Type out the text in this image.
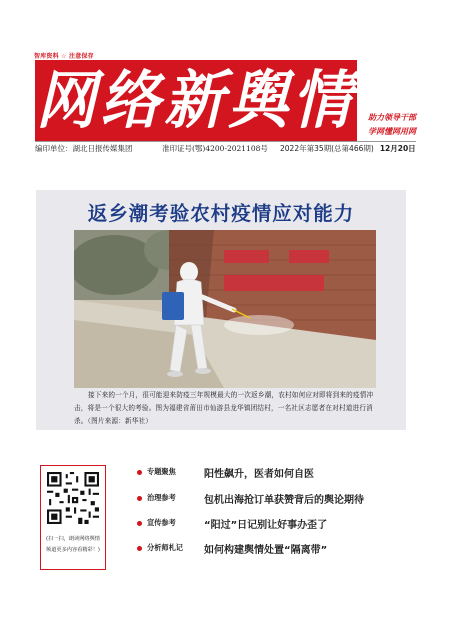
智库资料 ☆ 注意保存
网络新舆情 助力领导干部
学网懂网用网
编印单位：湖北日报传媒集团	准印证号(鄂)4200-2021108号 2022年第35期(总第466期) 12月20日
返乡潮考验农村疫情应对能力
接下来的一个月，很可能迎来防疫三年规模最大的一次返乡潮，农村如何应对即将到来的疫情冲击，将是一个很大的考验。图为福建省莆田市仙游县龙华镇团结村，一名社区志愿者在对村道进行消杀。（图片来源：新华社）
(扫一扫，朗读网络舆情 频道更多内容看精彩！)
专题聚焦	阳性飙升，医者如何自医
治理参考	包机出海抢订单获赞背后的舆论期待
宣传参考	“阳过”日记别让好事办歪了
分析师札记	如何构建舆情处置“隔离带”
